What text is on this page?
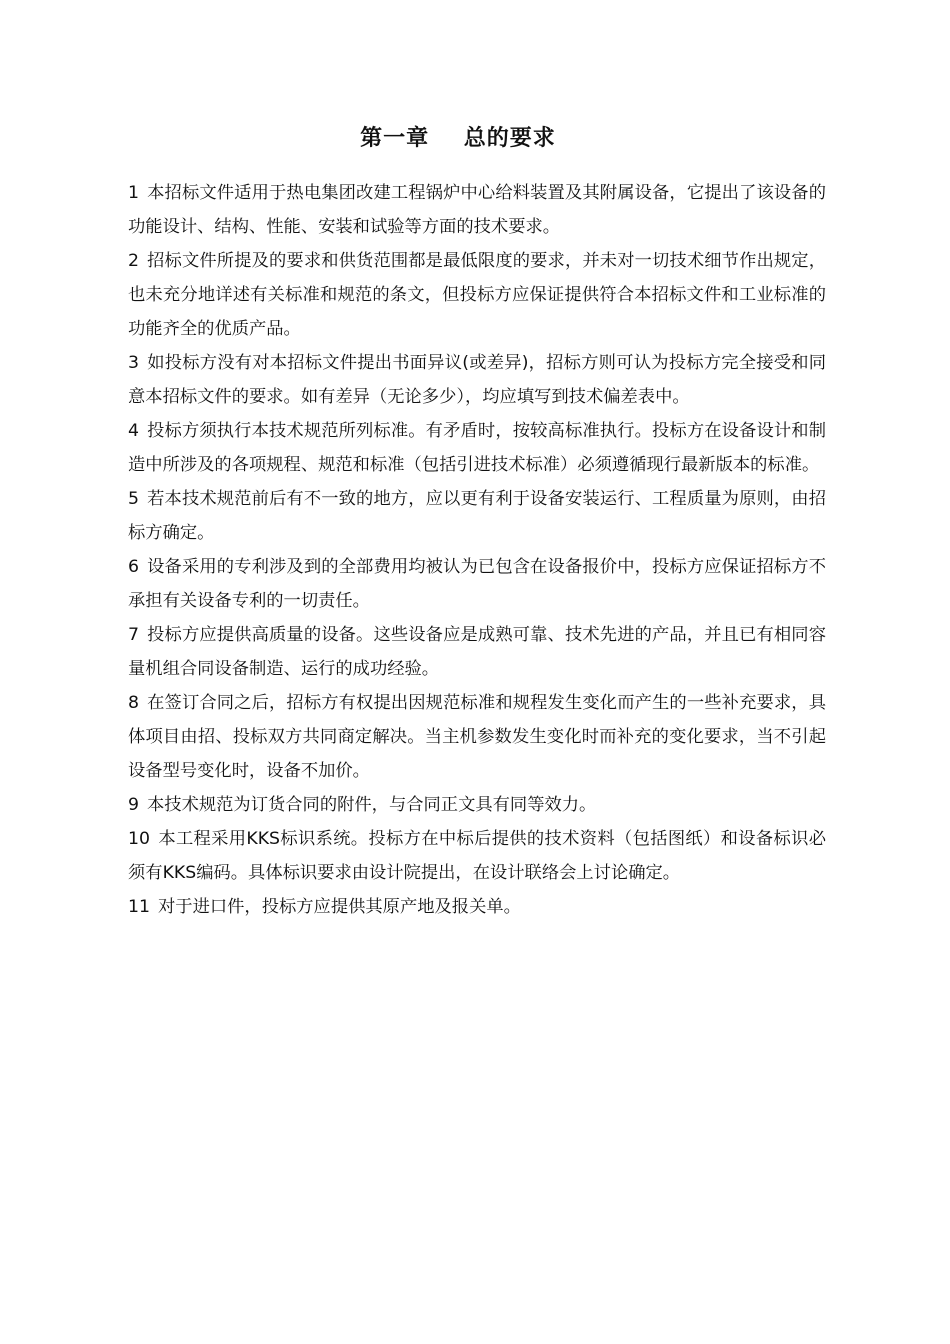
第一章    总的要求
1 本招标文件适用于热电集团改建工程锅炉中心给料装置及其附属设备，它提出了该设备的功能设计、结构、性能、安装和试验等方面的技术要求。
2 招标文件所提及的要求和供货范围都是最低限度的要求，并未对一切技术细节作出规定，也未充分地详述有关标准和规范的条文，但投标方应保证提供符合本招标文件和工业标准的功能齐全的优质产品。
3 如投标方没有对本招标文件提出书面异议(或差异)，招标方则可认为投标方完全接受和同意本招标文件的要求。如有差异（无论多少），均应填写到技术偏差表中。
4 投标方须执行本技术规范所列标准。有矛盾时，按较高标准执行。投标方在设备设计和制造中所涉及的各项规程、规范和标准（包括引进技术标准）必须遵循现行最新版本的标准。
5 若本技术规范前后有不一致的地方，应以更有利于设备安装运行、工程质量为原则，由招标方确定。
6 设备采用的专利涉及到的全部费用均被认为已包含在设备报价中，投标方应保证招标方不承担有关设备专利的一切责任。
7 投标方应提供高质量的设备。这些设备应是成熟可靠、技术先进的产品，并且已有相同容量机组合同设备制造、运行的成功经验。
8 在签订合同之后，招标方有权提出因规范标准和规程发生变化而产生的一些补充要求，具体项目由招、投标双方共同商定解决。当主机参数发生变化时而补充的变化要求，当不引起设备型号变化时，设备不加价。
9 本技术规范为订货合同的附件，与合同正文具有同等效力。
10 本工程采用KKS标识系统。投标方在中标后提供的技术资料（包括图纸）和设备标识必须有KKS编码。具体标识要求由设计院提出，在设计联络会上讨论确定。
11 对于进口件，投标方应提供其原产地及报关单。
